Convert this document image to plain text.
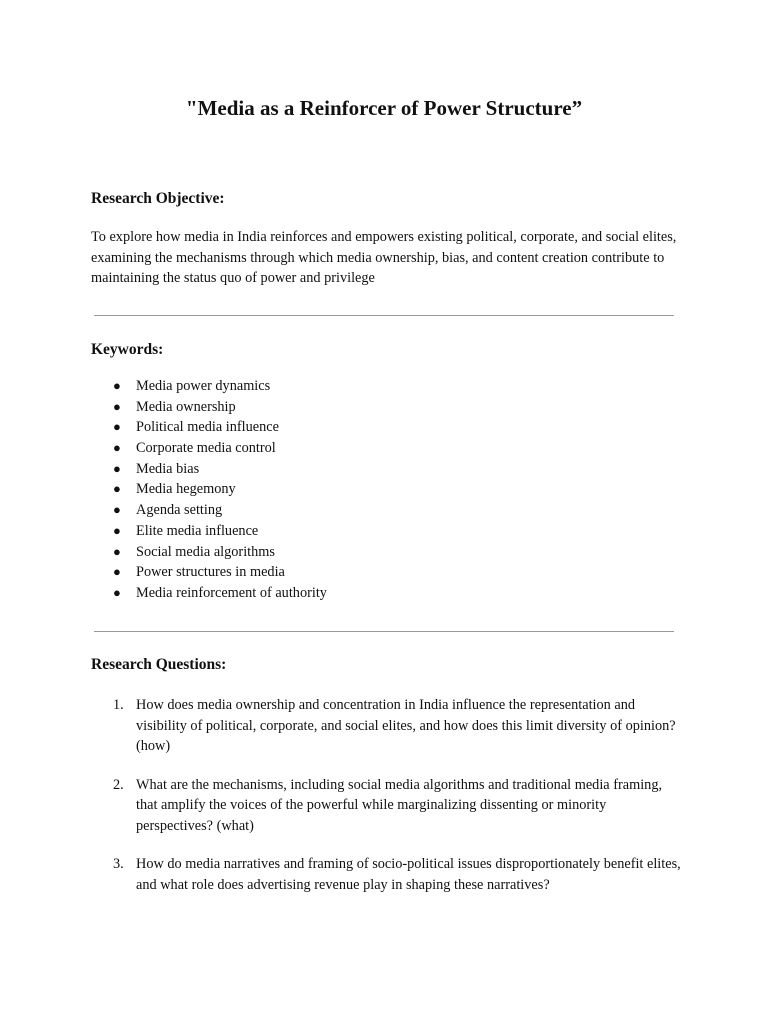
"Media as a Reinforcer of Power Structure”
Research Objective:

To explore how media in India reinforces and empowers existing political, corporate, and social elites, examining the mechanisms through which media ownership, bias, and content creation contribute to maintaining the status quo of power and privilege

Keywords:
● Media power dynamics
● Media ownership
● Political media influence
● Corporate media control
● Media bias
● Media hegemony
● Agenda setting
● Elite media influence
● Social media algorithms
● Power structures in media
● Media reinforcement of authority
Research Questions:
1. How does media ownership and concentration in India influence the representation and visibility of political, corporate, and social elites, and how does this limit diversity of opinion? (how)
2. What are the mechanisms, including social media algorithms and traditional media framing, that amplify the voices of the powerful while marginalizing dissenting or minority perspectives? (what)
3. How do media narratives and framing of socio-political issues disproportionately benefit elites, and what role does advertising revenue play in shaping these narratives?
